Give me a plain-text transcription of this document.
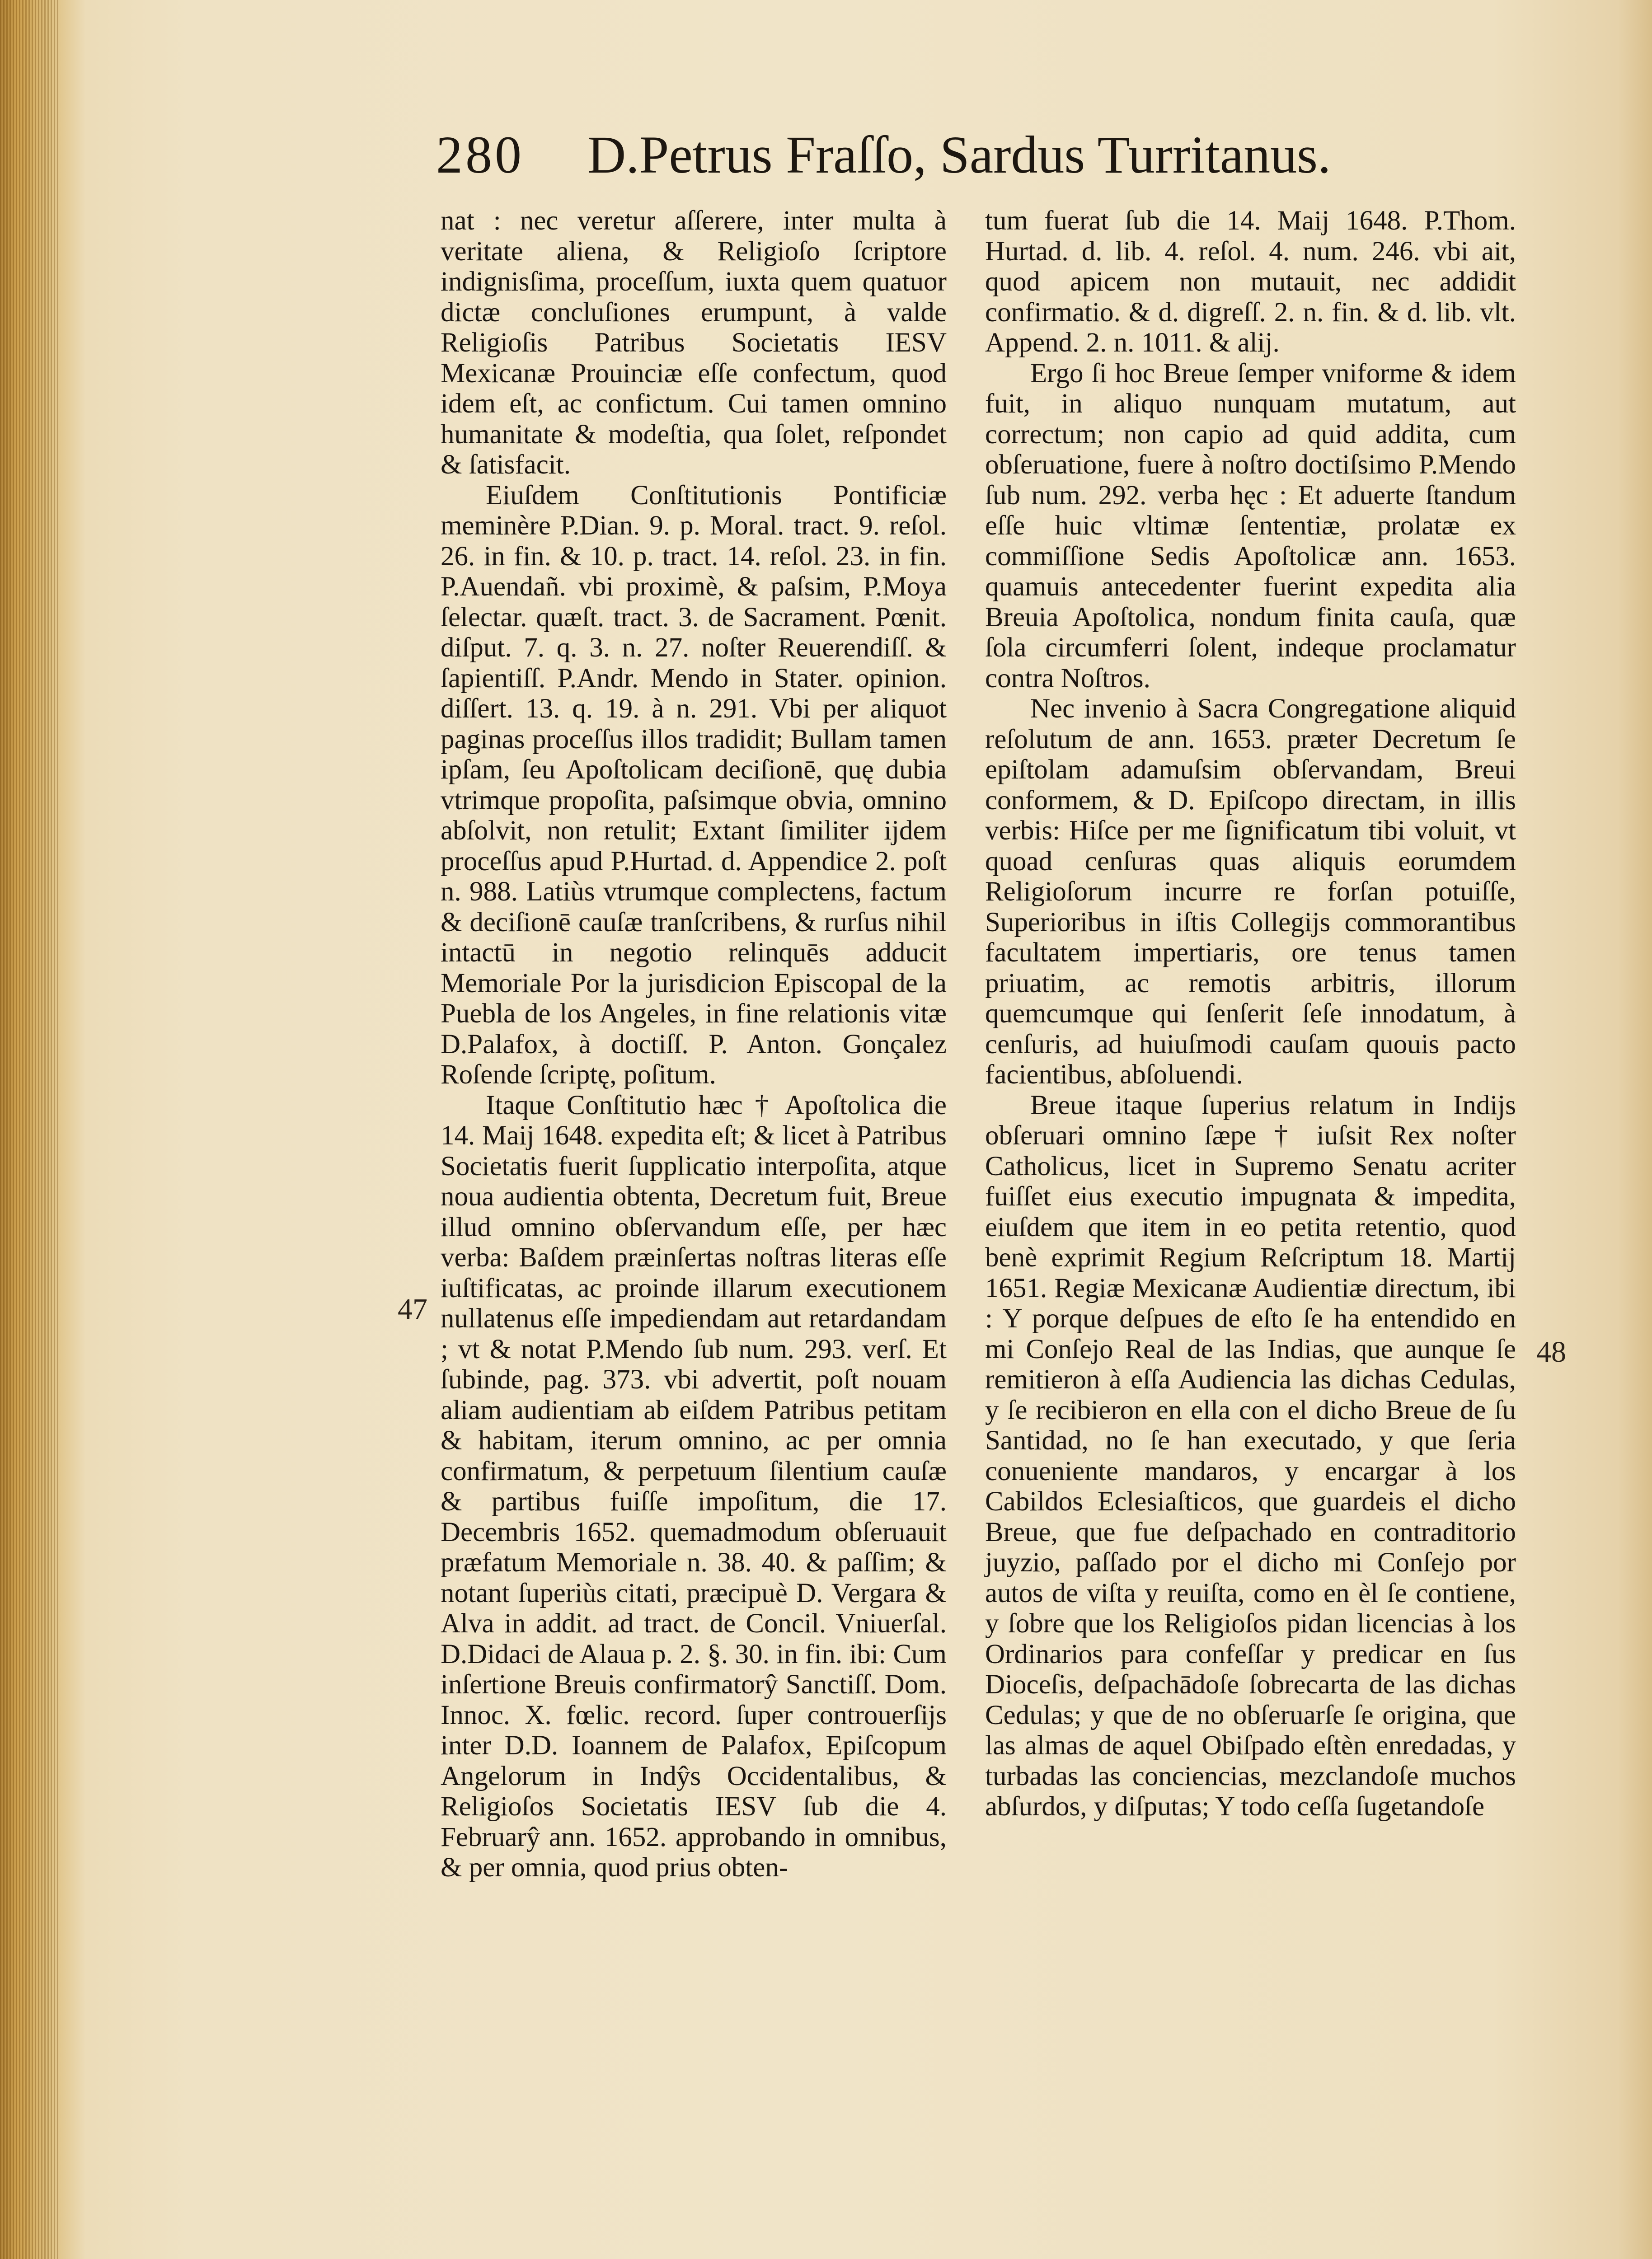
280 D.Petrus Fraſſo, Sardus Turritanus.

nat : nec veretur aſſerere, inter multa à veritate aliena, & Religioſo ſcriptore indignisſima, proceſſum, iuxta quem quatuor dictæ concluſiones erumpunt, à valde Religioſis Patribus Societatis IESV Mexicanæ Prouinciæ eſſe confectum, quod idem eſt, ac confictum. Cui tamen omnino humanitate & modeſtia, qua ſolet, reſpondet & ſatisfacit.

Eiuſdem Conſtitutionis Pontificiæ meminère P.Dian. 9. p. Moral. tract. 9. reſol. 26. in fin. & 10. p. tract. 14. reſol. 23. in fin. P.Auendañ. vbi proximè, & paſsim, P.Moya ſelectar. quæſt. tract. 3. de Sacrament. Pœnit. diſput. 7. q. 3. n. 27. noſter Reuerendiſſ. & ſapientiſſ. P.Andr. Mendo in Stater. opinion. diſſert. 13. q. 19. à n. 291. Vbi per aliquot paginas proceſſus illos tradidit; Bullam tamen ipſam, ſeu Apoſtolicam deciſionē, quę dubia vtrimque propoſita, paſsimque obvia, omnino abſolvit, non retulit; Extant ſimiliter ijdem proceſſus apud P.Hurtad. d. Appendice 2. poſt n. 988. Latiùs vtrumque complectens, factum & deciſionē cauſæ tranſcribens, & rurſus nihil intactū in negotio relinquēs adducit Memoriale Por la jurisdicion Episcopal de la Puebla de los Angeles, in fine relationis vitæ D.Palafox, à doctiſſ. P. Anton. Gonçalez Roſende ſcriptę, poſitum.

Itaque Conſtitutio hæc † Apoſtolica die 14. Maij 1648. expedita eſt; & licet à Patribus Societatis fuerit ſupplicatio interpoſita, atque noua audientia obtenta, Decretum fuit, Breue illud omnino obſervandum eſſe, per hæc verba: Baſdem præinſertas noſtras literas eſſe iuſtificatas, ac proinde illarum executionem nullatenus eſſe impediendam aut retardandam ; vt & notat P.Mendo ſub num. 293. verſ. Et ſubinde, pag. 373. vbi advertit, poſt nouam aliam audientiam ab eiſdem Patribus petitam & habitam, iterum omnino, ac per omnia confirmatum, & perpetuum ſilentium cauſæ & partibus fuiſſe impoſitum, die 17. Decembris 1652. quemadmodum obſeruauit præfatum Memoriale n. 38. 40. & paſſim; & notant ſuperiùs citati, præcipuè D. Vergara & Alva in addit. ad tract. de Concil. Vniuerſal. D.Didaci de Alaua p. 2. §. 30. in fin. ibi: Cum inſertione Breuis confirmatorŷ Sanctiſſ. Dom. Innoc. X. fœlic. record. ſuper controuerſijs inter D.D. Ioannem de Palafox, Epiſcopum Angelorum in Indŷs Occidentalibus, & Religioſos Societatis IESV ſub die 4. Februarŷ ann. 1652. approbando in omnibus, & per omnia, quod prius obten-

tum fuerat ſub die 14. Maij 1648. P.Thom. Hurtad. d. lib. 4. reſol. 4. num. 246. vbi ait, quod apicem non mutauit, nec addidit confirmatio. & d. digreſſ. 2. n. fin. & d. lib. vlt. Append. 2. n. 1011. & alij.

Ergo ſi hoc Breue ſemper vniforme & idem fuit, in aliquo nunquam mutatum, aut correctum; non capio ad quid addita, cum obſeruatione, fuere à noſtro doctiſsimo P.Mendo ſub num. 292. verba hęc : Et aduerte ſtandum eſſe huic vltimæ ſententiæ, prolatæ ex commiſſione Sedis Apoſtolicæ ann. 1653. quamuis antecedenter fuerint expedita alia Breuia Apoſtolica, nondum finita cauſa, quæ ſola circumferri ſolent, indeque proclamatur contra Noſtros.

Nec invenio à Sacra Congregatione aliquid reſolutum de ann. 1653. præter Decretum ſe epiſtolam adamuſsim obſervandam, Breui conformem, & D. Epiſcopo directam, in illis verbis: Hiſce per me ſignificatum tibi voluit, vt quoad cenſuras quas aliquis eorumdem Religioſorum incurre re forſan potuiſſe, Superioribus in iſtis Collegijs commorantibus facultatem impertiaris, ore tenus tamen priuatim, ac remotis arbitris, illorum quemcumque qui ſenſerit ſeſe innodatum, à cenſuris, ad huiuſmodi cauſam quouis pacto facientibus, abſoluendi.

Breue itaque ſuperius relatum in Indijs obſeruari omnino ſæpe † iuſsit Rex noſter Catholicus, licet in Supremo Senatu acriter fuiſſet eius executio impugnata & impedita, eiuſdem que item in eo petita retentio, quod benè exprimit Regium Reſcriptum 18. Martij 1651. Regiæ Mexicanæ Audientiæ directum, ibi : Y porque deſpues de eſto ſe ha entendido en mi Conſejo Real de las Indias, que aunque ſe remitieron à eſſa Audiencia las dichas Cedulas, y ſe recibieron en ella con el dicho Breue de ſu Santidad, no ſe han executado, y que ſeria conueniente mandaros, y encargar à los Cabildos Eclesiaſticos, que guardeis el dicho Breue, que fue deſpachado en contraditorio juyzio, paſſado por el dicho mi Conſejo por autos de viſta y reuiſta, como en èl ſe contiene, y ſobre que los Religioſos pidan licencias à los Ordinarios para confeſſar y predicar en ſus Dioceſis, deſpachādoſe ſobrecarta de las dichas Cedulas; y que de no obſeruarſe ſe origina, que las almas de aquel Obiſpado eſtèn enredadas, y turbadas las conciencias, mezclandoſe muchos abſurdos, y diſputas; Y todo ceſſa ſugetandoſe

47
48
